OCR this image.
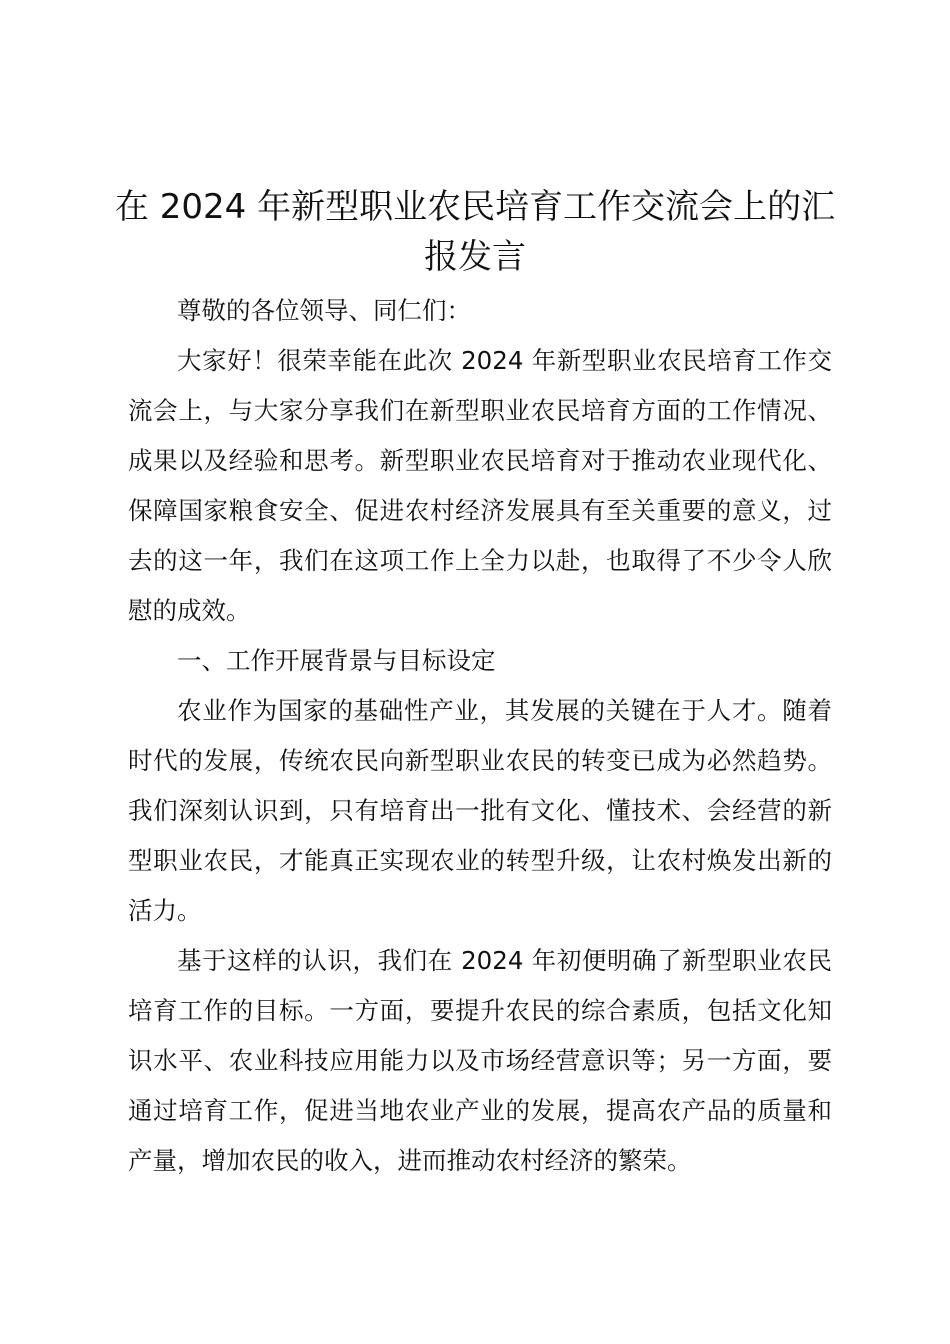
在 2024 年新型职业农民培育工作交流会上的汇报发言

尊敬的各位领导、同仁们：

大家好！很荣幸能在此次 2024 年新型职业农民培育工作交流会上，与大家分享我们在新型职业农民培育方面的工作情况、成果以及经验和思考。新型职业农民培育对于推动农业现代化、保障国家粮食安全、促进农村经济发展具有至关重要的意义，过去的这一年，我们在这项工作上全力以赴，也取得了不少令人欣慰的成效。

一、工作开展背景与目标设定

农业作为国家的基础性产业，其发展的关键在于人才。随着时代的发展，传统农民向新型职业农民的转变已成为必然趋势。我们深刻认识到，只有培育出一批有文化、懂技术、会经营的新型职业农民，才能真正实现农业的转型升级，让农村焕发出新的活力。

基于这样的认识，我们在 2024 年初便明确了新型职业农民培育工作的目标。一方面，要提升农民的综合素质，包括文化知识水平、农业科技应用能力以及市场经营意识等；另一方面，要通过培育工作，促进当地农业产业的发展，提高农产品的质量和产量，增加农民的收入，进而推动农村经济的繁荣。
